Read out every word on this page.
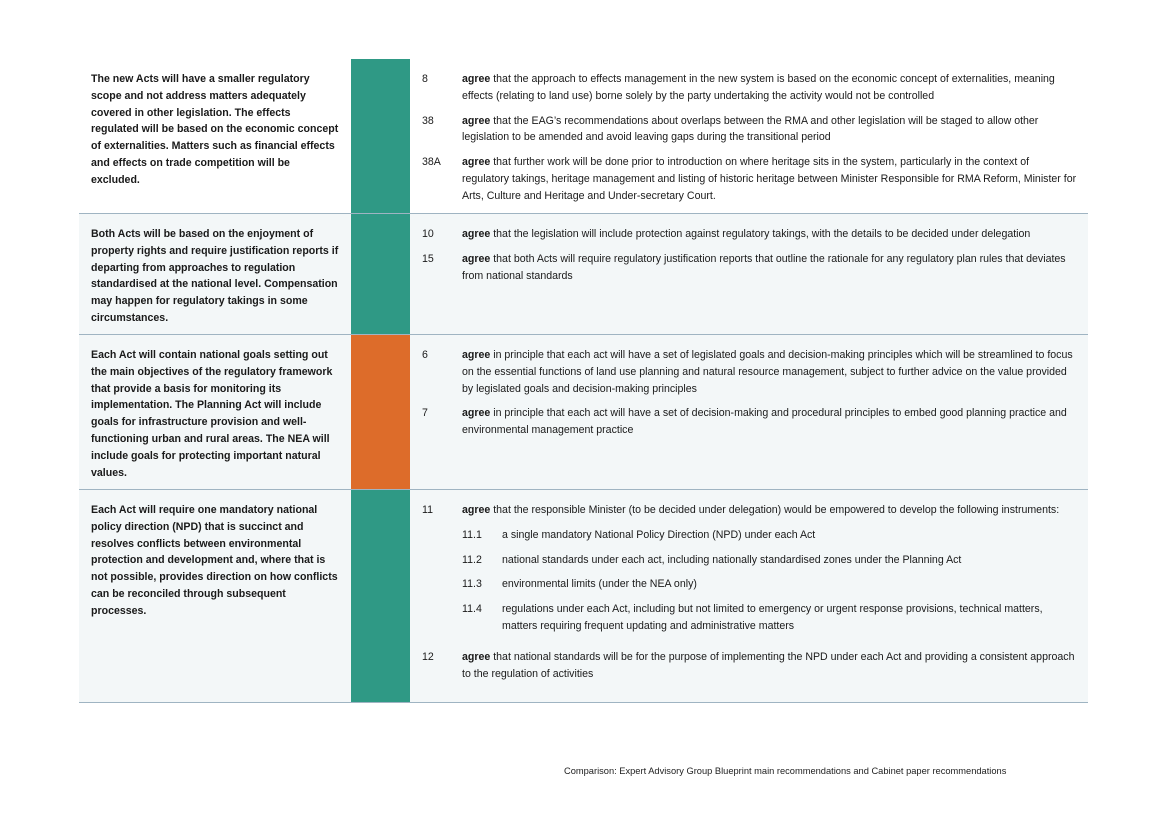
The new Acts will have a smaller regulatory scope and not address matters adequately covered in other legislation. The effects regulated will be based on the economic concept of externalities. Matters such as financial effects and effects on trade competition will be excluded.
8	agree that the approach to effects management in the new system is based on the economic concept of externalities, meaning effects (relating to land use) borne solely by the party undertaking the activity would not be controlled
38	agree that the EAG’s recommendations about overlaps between the RMA and other legislation will be staged to allow other legislation to be amended and avoid leaving gaps during the transitional period
38A	agree that further work will be done prior to introduction on where heritage sits in the system, particularly in the context of regulatory takings, heritage management and listing of historic heritage between Minister Responsible for RMA Reform, Minister for Arts, Culture and Heritage and Under-secretary Court.
Both Acts will be based on the enjoyment of property rights and require justification reports if departing from approaches to regulation standardised at the national level. Compensation may happen for regulatory takings in some circumstances.
10	agree that the legislation will include protection against regulatory takings, with the details to be decided under delegation
15	agree that both Acts will require regulatory justification reports that outline the rationale for any regulatory plan rules that deviates from national standards
Each Act will contain national goals setting out the main objectives of the regulatory framework that provide a basis for monitoring its implementation. The Planning Act will include goals for infrastructure provision and well-functioning urban and rural areas. The NEA will include goals for protecting important natural values.
6	agree in principle that each act will have a set of legislated goals and decision-making principles which will be streamlined to focus on the essential functions of land use planning and natural resource management, subject to further advice on the value provided by legislated goals and decision-making principles
7	agree in principle that each act will have a set of decision-making and procedural principles to embed good planning practice and environmental management practice
Each Act will require one mandatory national policy direction (NPD) that is succinct and resolves conflicts between environmental protection and development and, where that is not possible, provides direction on how conflicts can be reconciled through subsequent processes.
11	agree that the responsible Minister (to be decided under delegation) would be empowered to develop the following instruments:
11.1	a single mandatory National Policy Direction (NPD) under each Act
11.2	national standards under each act, including nationally standardised zones under the Planning Act
11.3	environmental limits (under the NEA only)
11.4	regulations under each Act, including but not limited to emergency or urgent response provisions, technical matters, matters requiring frequent updating and administrative matters
12	agree that national standards will be for the purpose of implementing the NPD under each Act and providing a consistent approach to the regulation of activities
Comparison: Expert Advisory Group Blueprint main recommendations and Cabinet paper recommendations
